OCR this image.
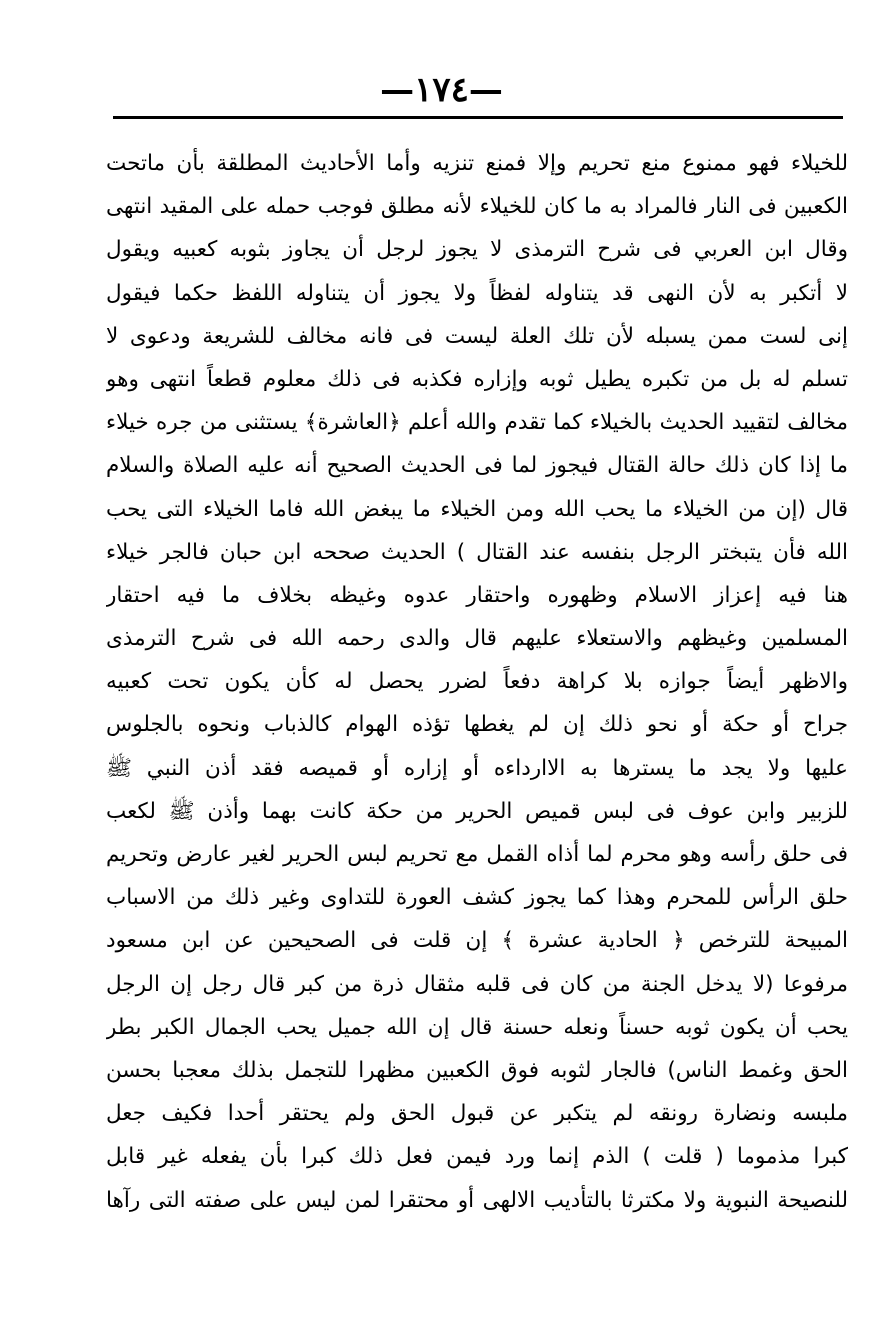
—١٧٤—
للخيلاء فهو ممنوع منع تحريم وإلا فمنع تنزيه وأما الأحاديث المطلقة بأن ماتحت
الكعبين فى النار فالمراد به ما كان للخيلاء لأنه مطلق فوجب حمله على المقيد انتهى
وقال ابن العربي فى شرح الترمذى لا يجوز لرجل أن يجاوز بثوبه كعبيه ويقول
لا أتكبر به لأن النهى قد يتناوله لفظاً ولا يجوز أن يتناوله اللفظ حكما فيقول
إنى لست ممن يسبله لأن تلك العلة ليست فى فانه مخالف للشريعة ودعوى لا
تسلم له بل من تكبره يطيل ثوبه وإزاره فكذبه فى ذلك معلوم قطعاً انتهى وهو
مخالف لتقييد الحديث بالخيلاء كما تقدم والله أعلم ﴿العاشرة﴾ يستثنى من جره خيلاء
ما إذا كان ذلك حالة القتال فيجوز لما فى الحديث الصحيح أنه عليه الصلاة والسلام
قال (إن من الخيلاء ما يحب الله ومن الخيلاء ما يبغض الله فاما الخيلاء التى يحب
الله فأن يتبختر الرجل بنفسه عند القتال ) الحديث صححه ابن حبان فالجر خيلاء
هنا فيه إعزاز الاسلام وظهوره واحتقار عدوه وغيظه بخلاف ما فيه احتقار
المسلمين وغيظهم والاستعلاء عليهم قال والدى رحمه الله فى شرح الترمذى
والاظهر أيضاً جوازه بلا كراهة دفعاً لضرر يحصل له كأن يكون تحت كعبيه
جراح أو حكة أو نحو ذلك إن لم يغطها تؤذه الهوام كالذباب ونحوه بالجلوس
عليها ولا يجد ما يسترها به الاارداءه أو إزاره أو قميصه فقد أذن النبي ﷺ
للزبير وابن عوف فى لبس قميص الحرير من حكة كانت بهما وأذن ﷺ لكعب
فى حلق رأسه وهو محرم لما أذاه القمل مع تحريم لبس الحرير لغير عارض وتحريم
حلق الرأس للمحرم وهذا كما يجوز كشف العورة للتداوى وغير ذلك من الاسباب
المبيحة للترخص ﴿ الحادية عشرة ﴾ إن قلت فى الصحيحين عن ابن مسعود
مرفوعا (لا يدخل الجنة من كان فى قلبه مثقال ذرة من كبر قال رجل إن الرجل
يحب أن يكون ثوبه حسناً ونعله حسنة قال إن الله جميل يحب الجمال الكبر بطر
الحق وغمط الناس) فالجار لثوبه فوق الكعبين مظهرا للتجمل بذلك معجبا بحسن
ملبسه ونضارة رونقه لم يتكبر عن قبول الحق ولم يحتقر أحدا فكيف جعل
كبرا مذموما ( قلت ) الذم إنما ورد فيمن فعل ذلك كبرا بأن يفعله غير قابل
للنصيحة النبوية ولا مكترثا بالتأديب الالهى أو محتقرا لمن ليس على صفته التى رآها
